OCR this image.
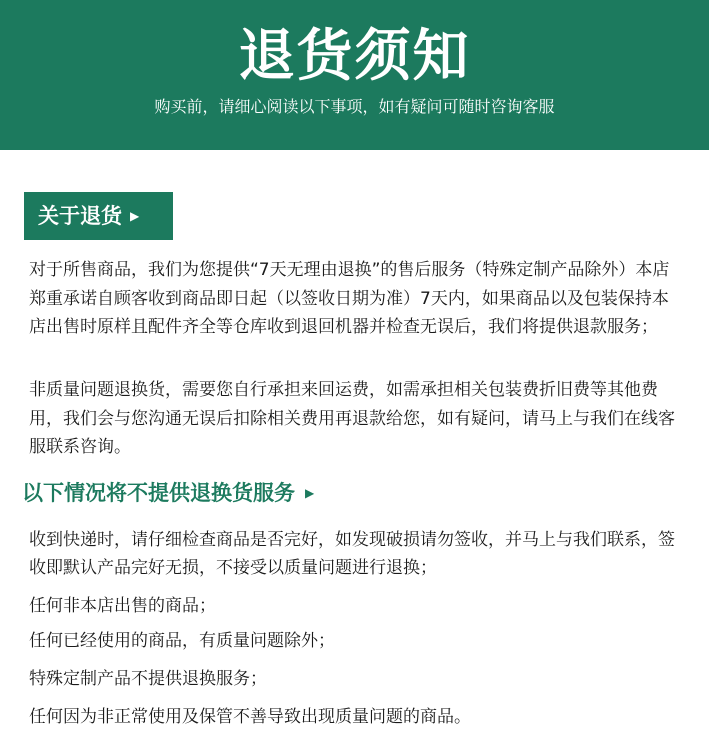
退货须知
购买前，请细心阅读以下事项，如有疑问可随时咨询客服
关于退货 ▶

对于所售商品，我们为您提供“7天无理由退换”的售后服务（特殊定制产品除外）本店郑重承诺自顾客收到商品即日起（以签收日期为准）7天内，如果商品以及包装保持本店出售时原样且配件齐全等仓库收到退回机器并检查无误后，我们将提供退款服务；

非质量问题退换货，需要您自行承担来回运费，如需承担相关包装费折旧费等其他费用，我们会与您沟通无误后扣除相关费用再退款给您，如有疑问，请马上与我们在线客服联系咨询。

以下情况将不提供退换货服务 ▶

收到快递时，请仔细检查商品是否完好，如发现破损请勿签收，并马上与我们联系，签收即默认产品完好无损，不接受以质量问题进行退换；

任何非本店出售的商品；

任何已经使用的商品，有质量问题除外；

特殊定制产品不提供退换服务；

任何因为非正常使用及保管不善导致出现质量问题的商品。
